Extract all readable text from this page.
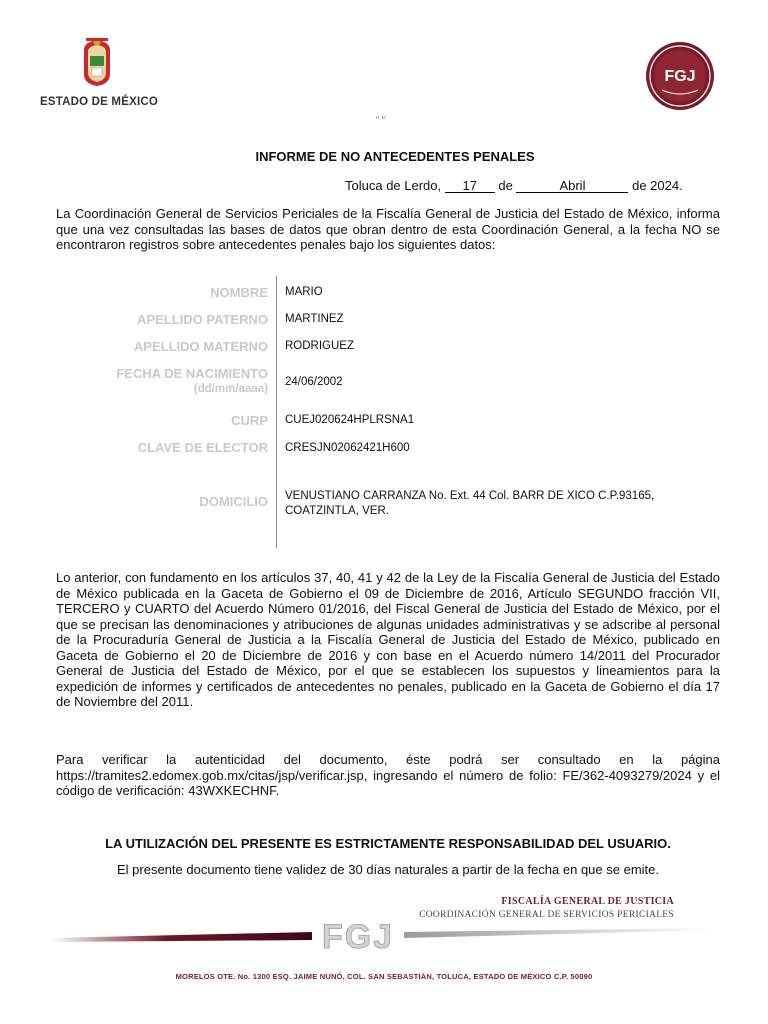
ESTADO DE MÉXICO
FGJ
" "
INFORME DE NO ANTECEDENTES PENALES
Toluca de Lerdo, 17 de	Abril	de 2024.
La Coordinación General de Servicios Periciales de la Fiscalía General de Justicia del Estado de México, informa que una vez consultadas las bases de datos que obran dentro de esta Coordinación General, a la fecha NO se encontraron registros sobre antecedentes penales bajo los siguientes datos:
NOMBRE MARIO
APELLIDO PATERNO MARTINEZ
APELLIDO MATERNO RODRIGUEZ
FECHA DE NACIMIENTO
(dd/mm/aaaa)
24/06/2002
CURP CUEJ020624HPLRSNA1
CLAVE DE ELECTOR CRESJN02062421H600
DOMICILIO VENUSTIANO CARRANZA No. Ext. 44 Col. BARR DE XICO C.P.93165,
COATZINTLA, VER.
Lo anterior, con fundamento en los artículos 37, 40, 41 y 42 de la Ley de la Fiscalía General de Justicia del Estado de México publicada en la Gaceta de Gobierno el 09 de Diciembre de 2016, Artículo SEGUNDO fracción VII, TERCERO y CUARTO del Acuerdo Número 01/2016, del Fiscal General de Justicia del Estado de México, por el que se precisan las denominaciones y atribuciones de algunas unidades administrativas y se adscribe al personal de la Procuraduría General de Justicia a la Fiscalía General de Justicia del Estado de México, publicado en Gaceta de Gobierno el 20 de Diciembre de 2016 y con base en el Acuerdo número 14/2011 del Procurador General de Justicia del Estado de México, por el que se establecen los supuestos y lineamientos para la expedición de informes y certificados de antecedentes no penales, publicado en la Gaceta de Gobierno el día 17 de Noviembre del 2011.
Para verificar la autenticidad del documento, éste podrá ser consultado en la página https://tramites2.edomex.gob.mx/citas/jsp/verificar.jsp, ingresando el número de folio: FE/362-4093279/2024 y el código de verificación: 43WXKECHNF.
LA UTILIZACIÓN DEL PRESENTE ES ESTRICTAMENTE RESPONSABILIDAD DEL USUARIO.
El presente documento tiene validez de 30 días naturales a partir de la fecha en que se emite.
FGJ
FISCALÍA GENERAL DE JUSTICIA
COORDINACIÓN GENERAL DE SERVICIOS PERICIALES
MORELOS OTE. No. 1300 ESQ. JAIME NUNÓ, COL. SAN SEBASTIÁN, TOLUCA, ESTADO DE MÉXICO C.P. 50090
